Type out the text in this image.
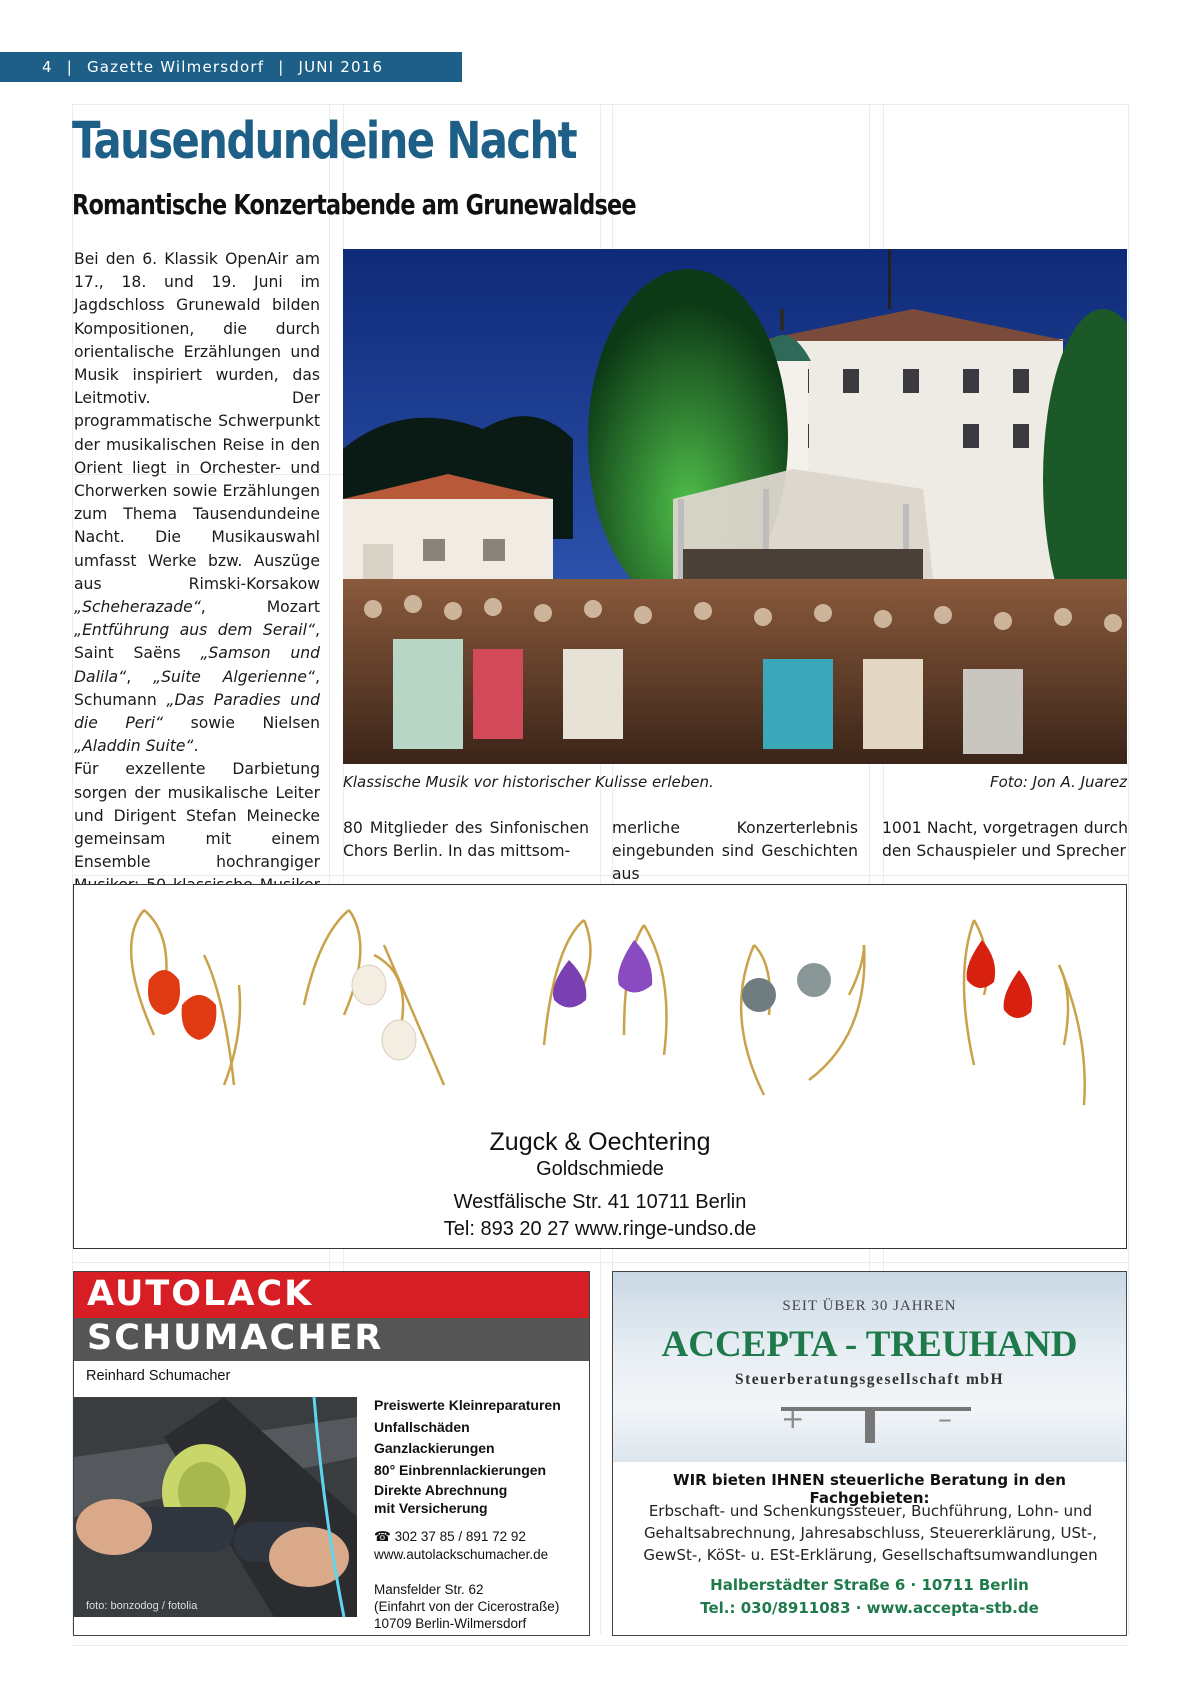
4 | Gazette Wilmersdorf | JUNI 2016
Tausendundeine Nacht
Romantische Konzertabende am Grunewaldsee

Bei den 6. Klassik OpenAir am 17., 18. und 19. Juni im Jagdschloss Grunewald bilden Kompositionen, die durch orientalische Erzählungen und Musik inspiriert wurden, das Leitmotiv. Der programmatische Schwerpunkt der musikalischen Reise in den Orient liegt in Orchester- und Chorwerken sowie Erzählungen zum Thema Tausendundeine Nacht. Die Musikauswahl umfasst Werke bzw. Auszüge aus Rimski-Korsakow „Scheherazade“, Mozart „Entführung aus dem Serail“, Saint Saëns „Samson und Dalila“, „Suite Algerienne“, Schumann „Das Paradies und die Peri“ sowie Nielsen „Aladdin Suite“.

Für exzellente Darbietung sorgen der musikalische Leiter und Dirigent Stefan Meinecke gemeinsam mit einem Ensemble hochrangiger

Klassische Musik vor historischer Kulisse erleben.	Foto: Jon A. Juarez
80 Mitglieder des Sinfonischen Chors Berlin. In das mittsom-
merliche Konzerterlebnis eingebunden sind Geschichten aus
1001 Nacht, vorgetragen durch den Schauspieler und Sprecher
Zugck & Oechtering
Goldschmiede
Westfälische Str. 41 10711 Berlin
Tel: 893 20 27 www.ringe-undso.de
AUTOLACK
SCHUMACHER
Reinhard Schumacher
foto: bonzodog / fotolia
Preiswerte Kleinreparaturen
Unfallschäden
Ganzlackierungen
80° Einbrennlackierungen
Direkte Abrechnung
mit Versicherung
☎ 302 37 85 / 891 72 92
www.autolackschumacher.de
Mansfelder Str. 62
(Einfahrt von der Cicerostraße)
10709 Berlin-Wilmersdorf
SEIT ÜBER 30 JAHREN
ACCEPTA - TREUHAND
Steuerberatungsgesellschaft mbH
+	–
WIR bieten IHNEN steuerliche Beratung in den Fachgebieten:
Erbschaft- und Schenkungssteuer, Buchführung, Lohn- und Gehaltsabrechnung, Jahresabschluss, Steuererklärung, USt-, GewSt-, KöSt- u. ESt-Erklärung, Gesellschaftsumwandlungen
Halberstädter Straße 6 · 10711 Berlin
Tel.: 030/8911083 · www.accepta-stb.de
